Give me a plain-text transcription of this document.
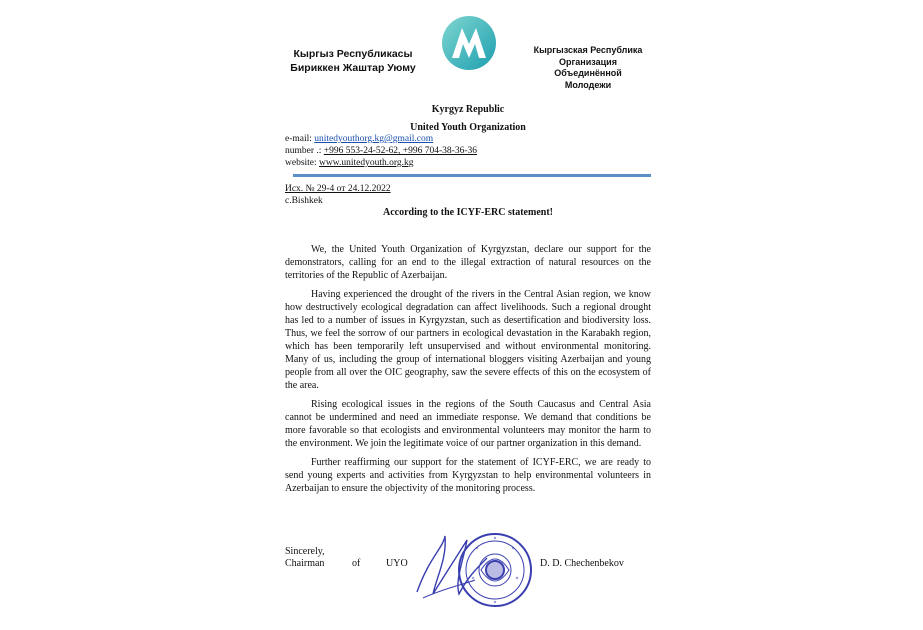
Кыргыз Республикасы
Бириккен Жаштар Уюму
Кыргызская Республика
Организация
Объединённой Молодежи
Kyrgyz Republic
United Youth Organization
e-mail: unitedyouthorg.kg@gmail.com
number .: +996 553-24-52-62, +996 704-38-36-36
website: www.unitedyouth.org.kg
Исх. № 29-4 от 24.12.2022
c.Bishkek
According to the ICYF-ERC statement!

We, the United Youth Organization of Kyrgyzstan, declare our support for the demonstrators, calling for an end to the illegal extraction of natural resources on the territories of the Republic of Azerbaijan.

Having experienced the drought of the rivers in the Central Asian region, we know how destructively ecological degradation can affect livelihoods. Such a regional drought has led to a number of issues in Kyrgyzstan, such as desertification and biodiversity loss. Thus, we feel the sorrow of our partners in ecological devastation in the Karabakh region, which has been temporarily left unsupervised and without environmental monitoring. Many of us, including the group of international bloggers visiting Azerbaijan and young people from all over the OIC geography, saw the severe effects of this on the ecosystem of the area.

Rising ecological issues in the regions of the South Caucasus and Central Asia cannot be undermined and need an immediate response. We demand that conditions be more favorable so that ecologists and environmental volunteers may monitor the harm to the environment. We join the legitimate voice of our partner organization in this demand.

Further reaffirming our support for the statement of ICYF-ERC, we are ready to send young experts and activities from Kyrgyzstan to help environmental volunteers in Azerbaijan to ensure the objectivity of the monitoring process.

Sincerely,
Chairman	of	UYO	D. D. Chechenbekov
